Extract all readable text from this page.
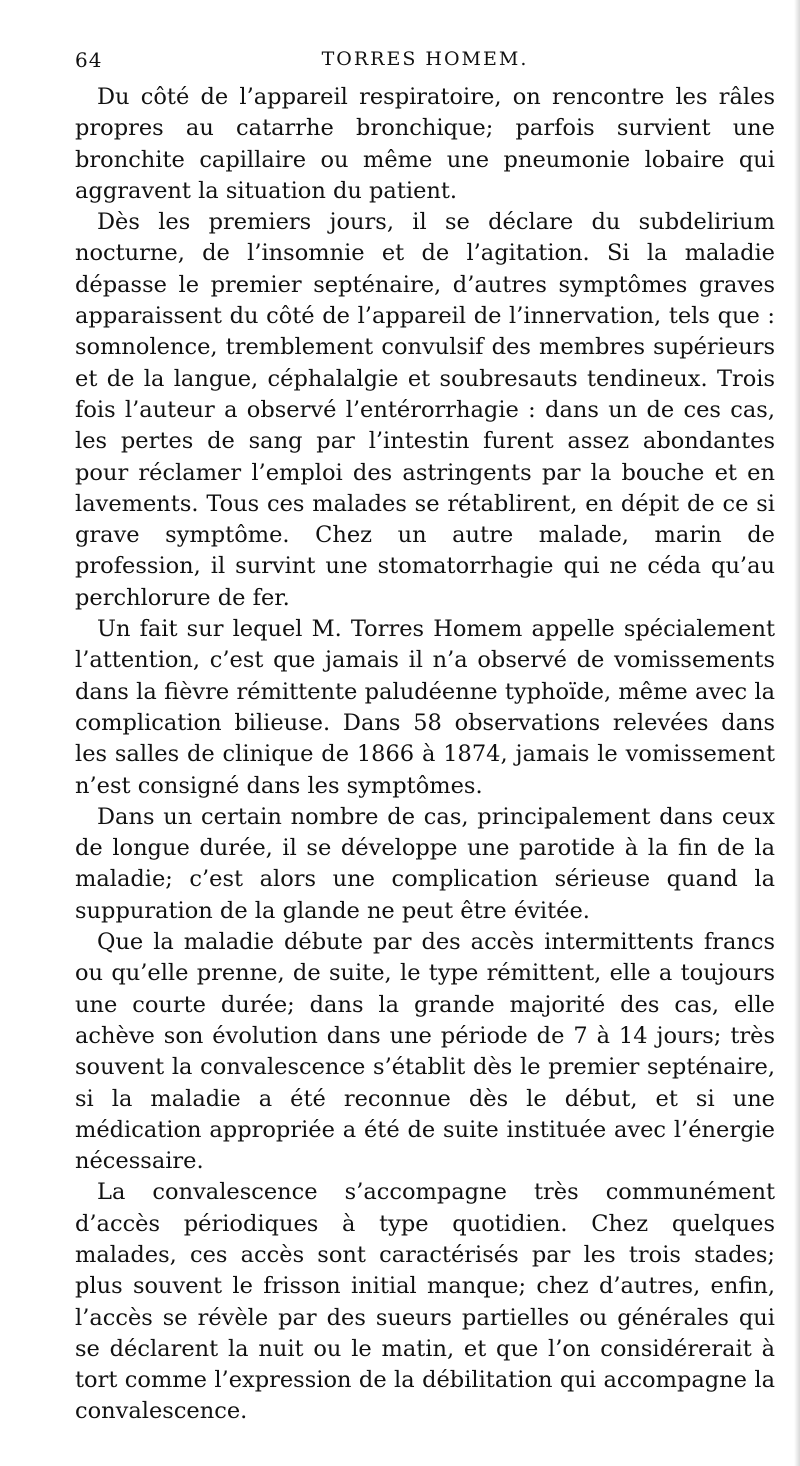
64	TORRES HOMEM.

Du côté de l’appareil respiratoire, on rencontre les râles propres au catarrhe bronchique; parfois survient une bronchite capillaire ou même une pneumonie lobaire qui aggravent la situation du patient.

Dès les premiers jours, il se déclare du subdelirium nocturne, de l’insomnie et de l’agitation. Si la maladie dépasse le premier septénaire, d’autres symptômes graves apparaissent du côté de l’appareil de l’innervation, tels que : somnolence, tremblement convulsif des membres supérieurs et de la langue, céphalalgie et soubresauts tendineux. Trois fois l’auteur a observé l’entérorrhagie : dans un de ces cas, les pertes de sang par l’intestin furent assez abondantes pour réclamer l’emploi des astringents par la bouche et en lavements. Tous ces malades se rétablirent, en dépit de ce si grave symptôme. Chez un autre malade, marin de profession, il survint une stomatorrhagie qui ne céda qu’au perchlorure de fer.

Un fait sur lequel M. Torres Homem appelle spécialement l’attention, c’est que jamais il n’a observé de vomissements dans la fièvre rémittente paludéenne typhoïde, même avec la complication bilieuse. Dans 58 observations relevées dans les salles de clinique de 1866 à 1874, jamais le vomissement n’est consigné dans les symptômes.

Dans un certain nombre de cas, principalement dans ceux de longue durée, il se développe une parotide à la fin de la maladie; c’est alors une complication sérieuse quand la suppuration de la glande ne peut être évitée.

Que la maladie débute par des accès intermittents francs ou qu’elle prenne, de suite, le type rémittent, elle a toujours une courte durée; dans la grande majorité des cas, elle achève son évolution dans une période de 7 à 14 jours; très souvent la convalescence s’établit dès le premier septénaire, si la maladie a été reconnue dès le début, et si une médication appropriée a été de suite instituée avec l’énergie nécessaire.

La convalescence s’accompagne très communément d’accès périodiques à type quotidien. Chez quelques malades, ces accès sont caractérisés par les trois stades; plus souvent le frisson initial manque; chez d’autres, enfin, l’accès se révèle par des sueurs partielles ou générales qui se déclarent la nuit ou le matin, et que l’on considérerait à tort comme l’expression de la débilitation qui accompagne la convalescence.
